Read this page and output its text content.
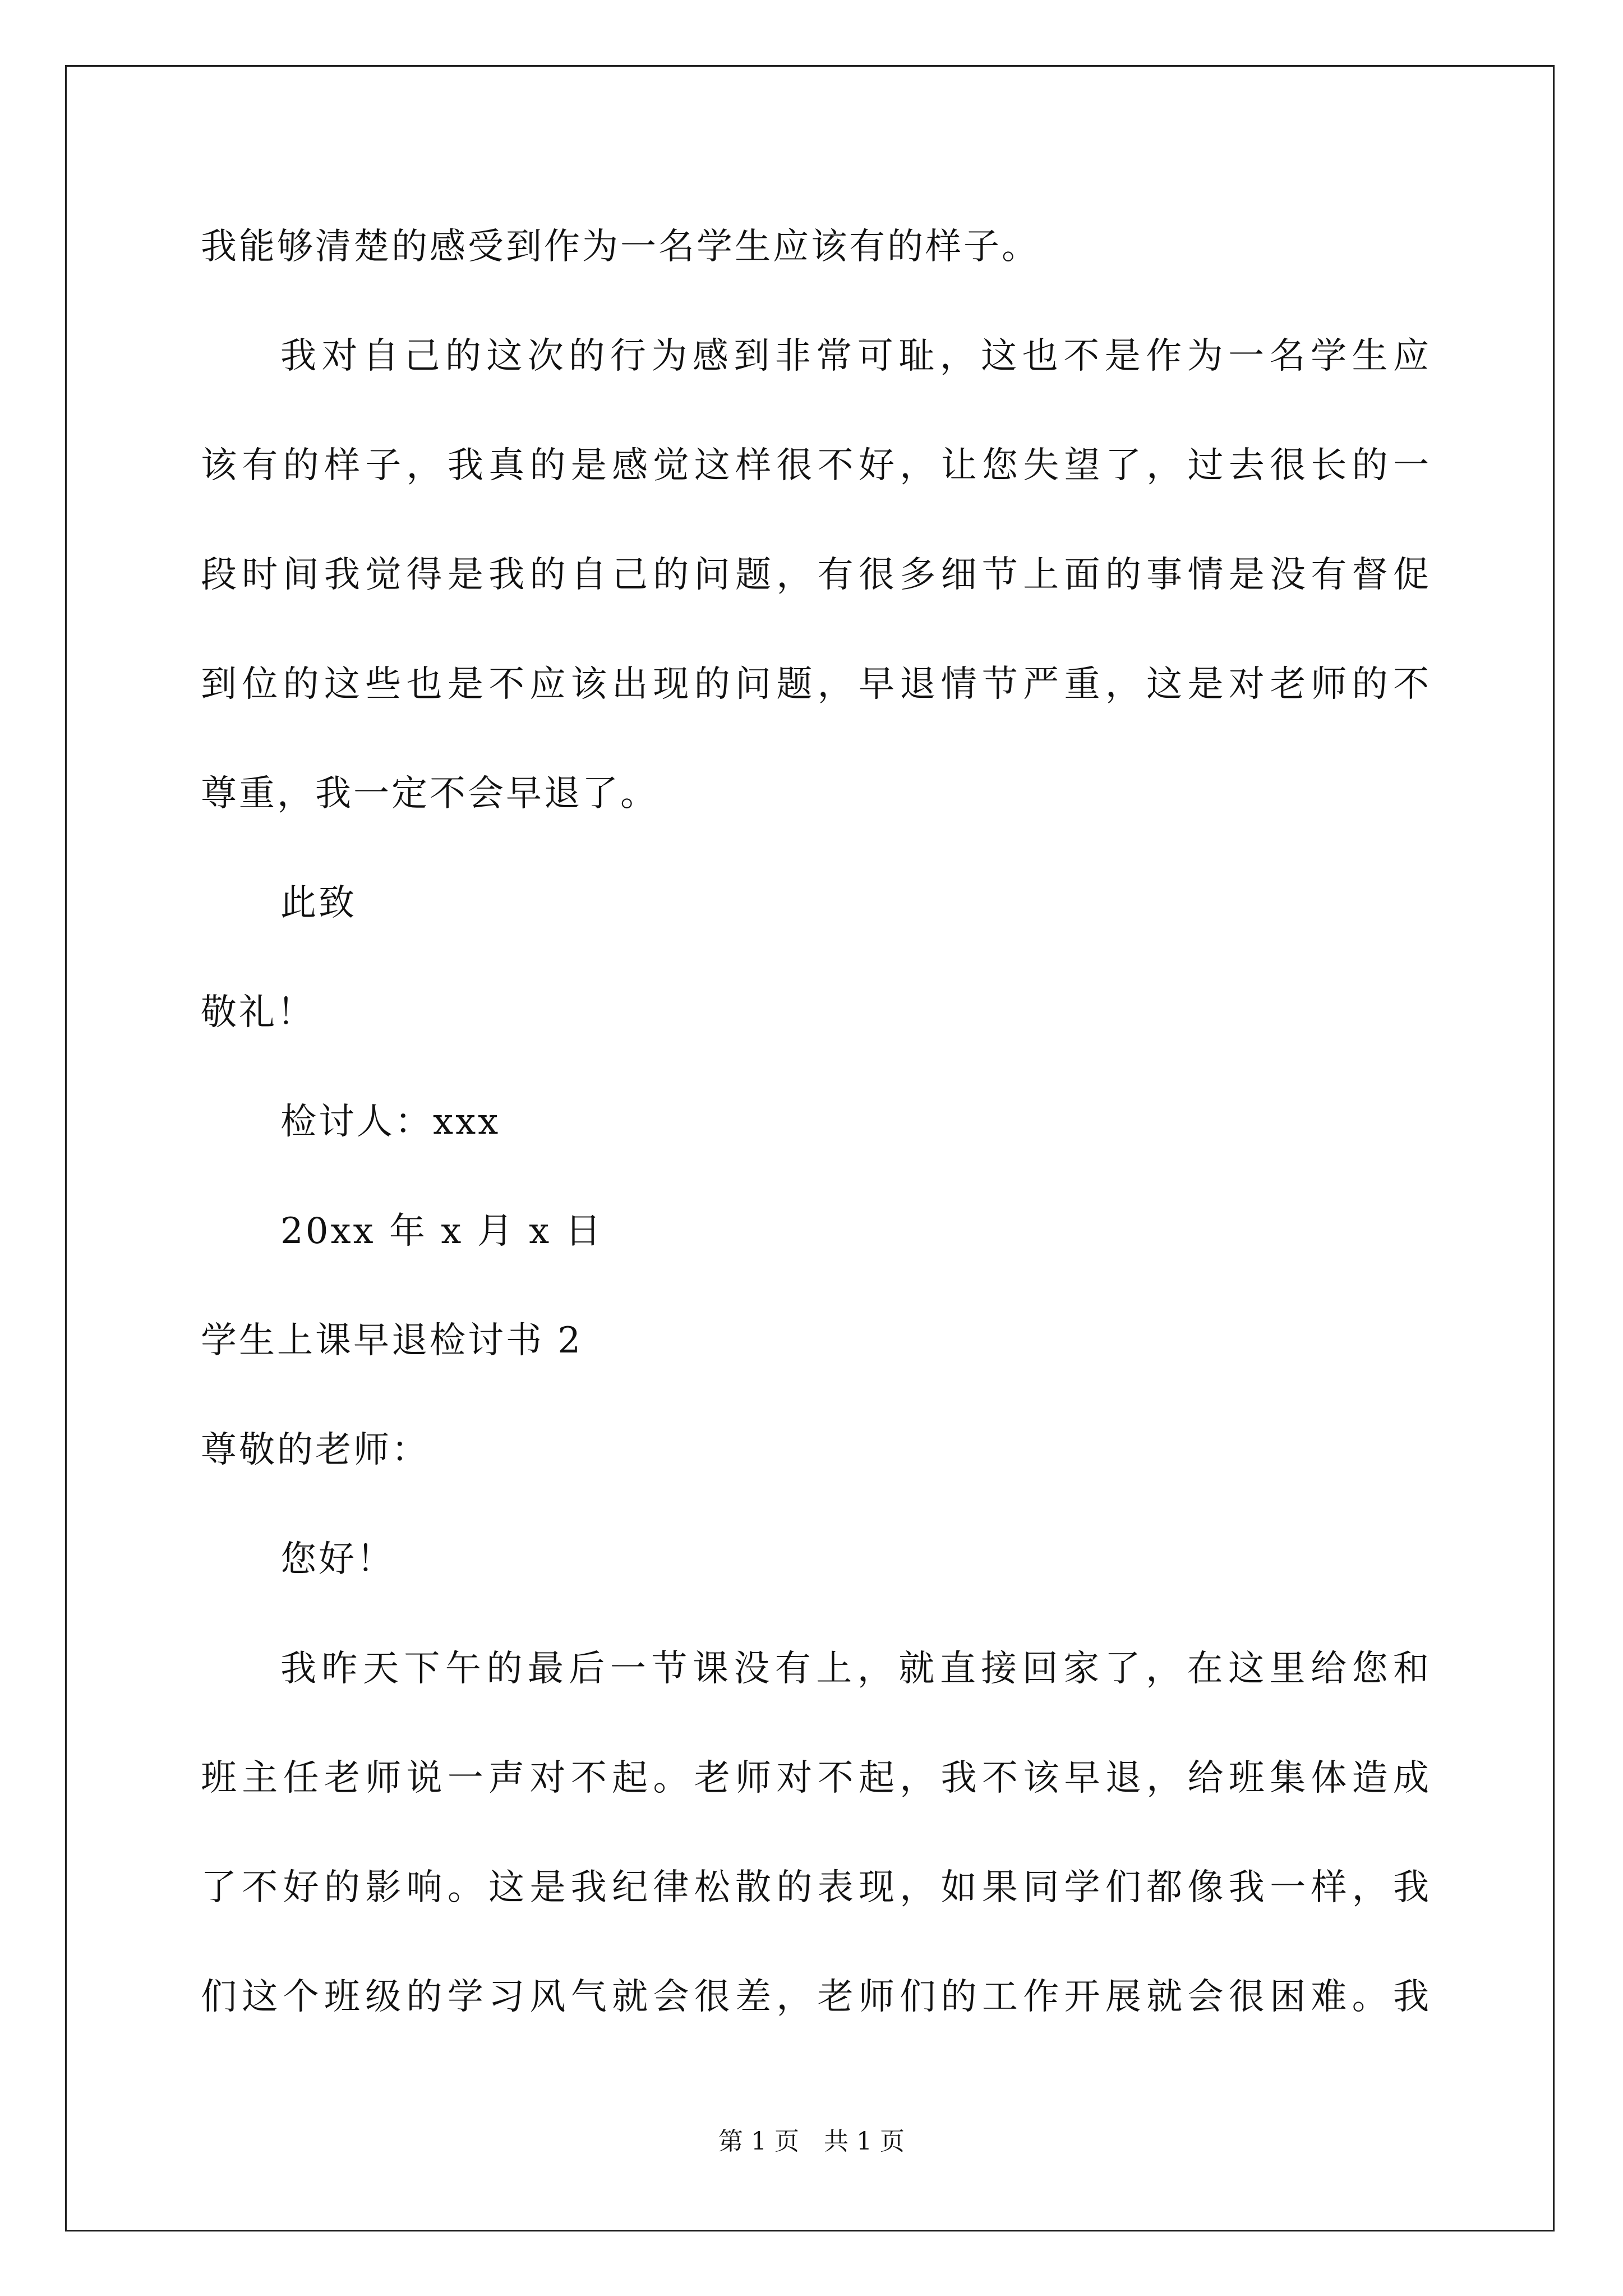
我能够清楚的感受到作为一名学生应该有的样子。
我对自己的这次的行为感到非常可耻，这也不是作为一名学生应
该有的样子，我真的是感觉这样很不好，让您失望了，过去很长的一
段时间我觉得是我的自己的问题，有很多细节上面的事情是没有督促
到位的这些也是不应该出现的问题，早退情节严重，这是对老师的不
尊重，我一定不会早退了。
此致
敬礼！
检讨人：xxx
20xx 年 x 月 x 日
学生上课早退检讨书 2
尊敬的老师：
您好！
我昨天下午的最后一节课没有上，就直接回家了，在这里给您和
班主任老师说一声对不起。老师对不起，我不该早退，给班集体造成
了不好的影响。这是我纪律松散的表现，如果同学们都像我一样，我
们这个班级的学习风气就会很差，老师们的工作开展就会很困难。我
第 1 页　共 1 页
